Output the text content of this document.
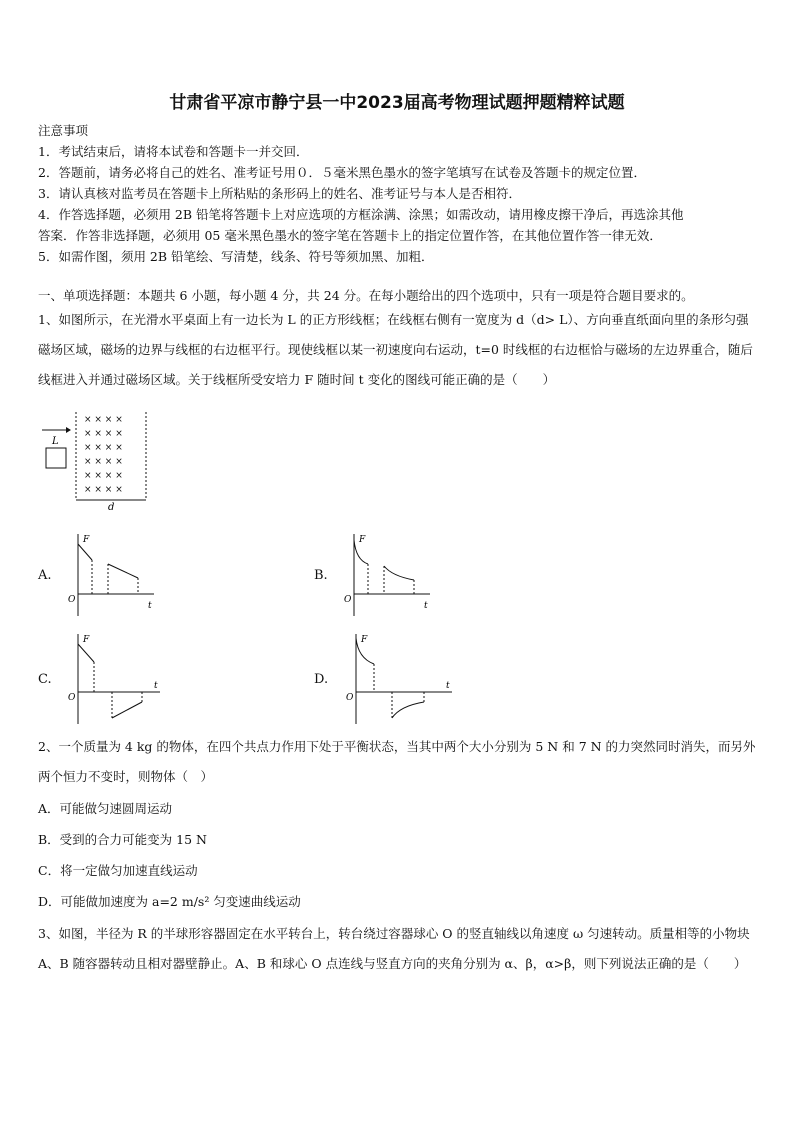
甘肃省平凉市静宁县一中2023届高考物理试题押题精粹试题
注意事项
1．考试结束后，请将本试卷和答题卡一并交回．
2．答题前，请务必将自己的姓名、准考证号用０．５毫米黑色墨水的签字笔填写在试卷及答题卡的规定位置．
3．请认真核对监考员在答题卡上所粘贴的条形码上的姓名、准考证号与本人是否相符．
4．作答选择题，必须用 2B 铅笔将答题卡上对应选项的方框涂满、涂黑；如需改动，请用橡皮擦干净后，再选涂其他
答案．作答非选择题，必须用 05 毫米黑色墨水的签字笔在答题卡上的指定位置作答，在其他位置作答一律无效．
5．如需作图，须用 2B 铅笔绘、写清楚，线条、符号等须加黑、加粗．
一、单项选择题：本题共 6 小题，每小题 4 分，共 24 分。在每小题给出的四个选项中，只有一项是符合题目要求的。
1、如图所示，在光滑水平桌面上有一边长为 L 的正方形线框；在线框右侧有一宽度为 d（d> L）、方向垂直纸面向里的条形匀强磁场区域，磁场的边界与线框的右边框平行。现使线框以某一初速度向右运动，t=0 时线框的右边框恰与磁场的左边界重合，随后线框进入并通过磁场区域。关于线框所受安培力 F 随时间 t 变化的图线可能正确的是（　　）
L
× × × ×
× × × ×
× × × ×
× × × ×
× × × ×
× × × ×
d
A.
F
t
O
B.
F
t
O
C.
F
t
O
D.
F
t
O
2、一个质量为 4 kg 的物体，在四个共点力作用下处于平衡状态，当其中两个大小分别为 5 N 和 7 N 的力突然同时消失，而另外两个恒力不变时，则物体（　）
A．可能做匀速圆周运动
B．受到的合力可能变为 15 N
C．将一定做匀加速直线运动
D．可能做加速度为 a=2 m/s² 匀变速曲线运动
3、如图，半径为 R 的半球形容器固定在水平转台上，转台绕过容器球心 O 的竖直轴线以角速度 ω 匀速转动。质量相等的小物块 A、B 随容器转动且相对器壁静止。A、B 和球心 O 点连线与竖直方向的夹角分别为 α、β，α>β，则下列说法正确的是（　　）
